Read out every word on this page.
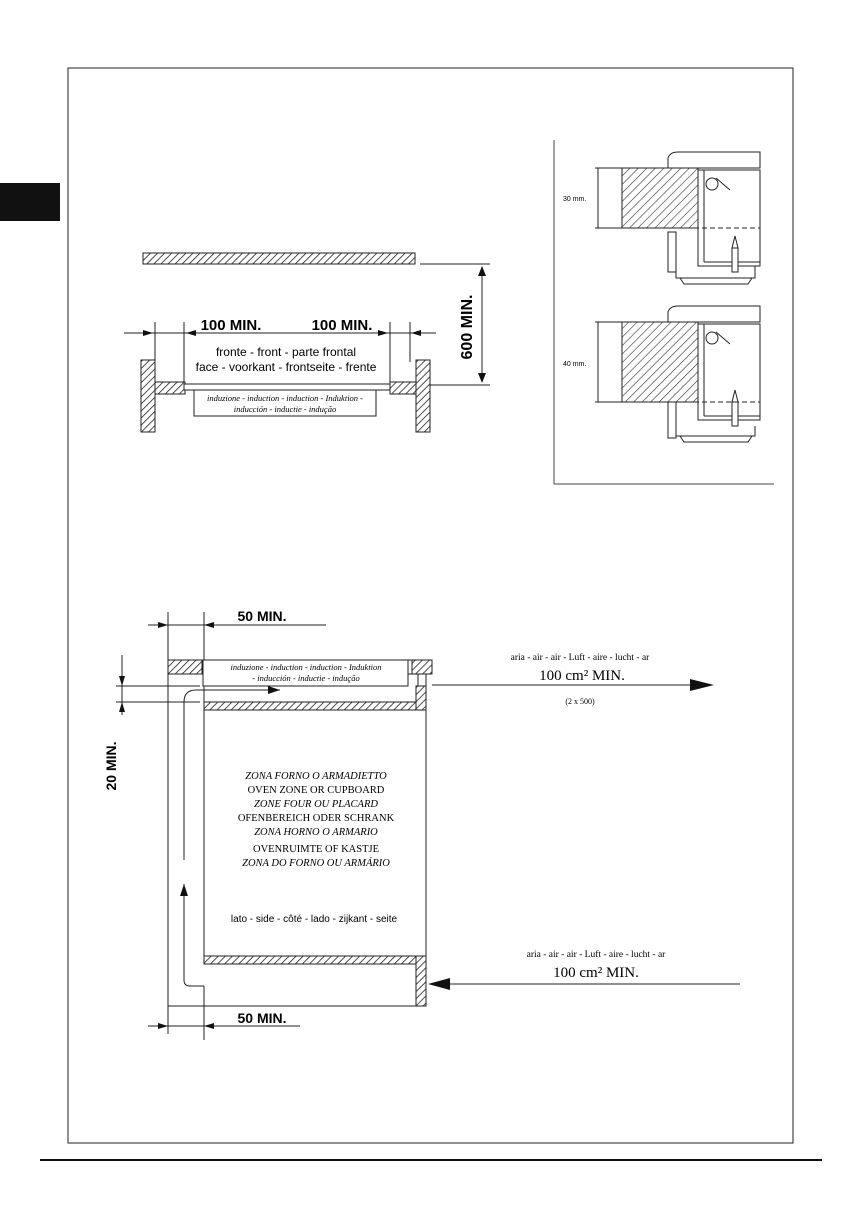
600 MIN.
100 MIN.	100 MIN.
fronte - front - parte frontal
face - voorkant - frontseite - frente
induzione - induction - induction - Induktion -
inducción - inductie - indução
30 mm.
40 mm.
50 MIN.
induzione - induction - induction - Induktion
- inducción - inductie - indução
20 MIN.
aria - air - air - Luft - aire - lucht - ar
100 cm² MIN.
(2 x 500)
aria - air - air - Luft - aire - lucht - ar
100 cm² MIN.
ZONA FORNO O ARMADIETTO
OVEN ZONE OR CUPBOARD
ZONE FOUR OU PLACARD
OFENBEREICH ODER SCHRANK
ZONA HORNO O ARMARIO
OVENRUIMTE OF KASTJE
ZONA DO FORNO OU ARMÁRIO
lato - side - côté - lado - zijkant - seite
50 MIN.
